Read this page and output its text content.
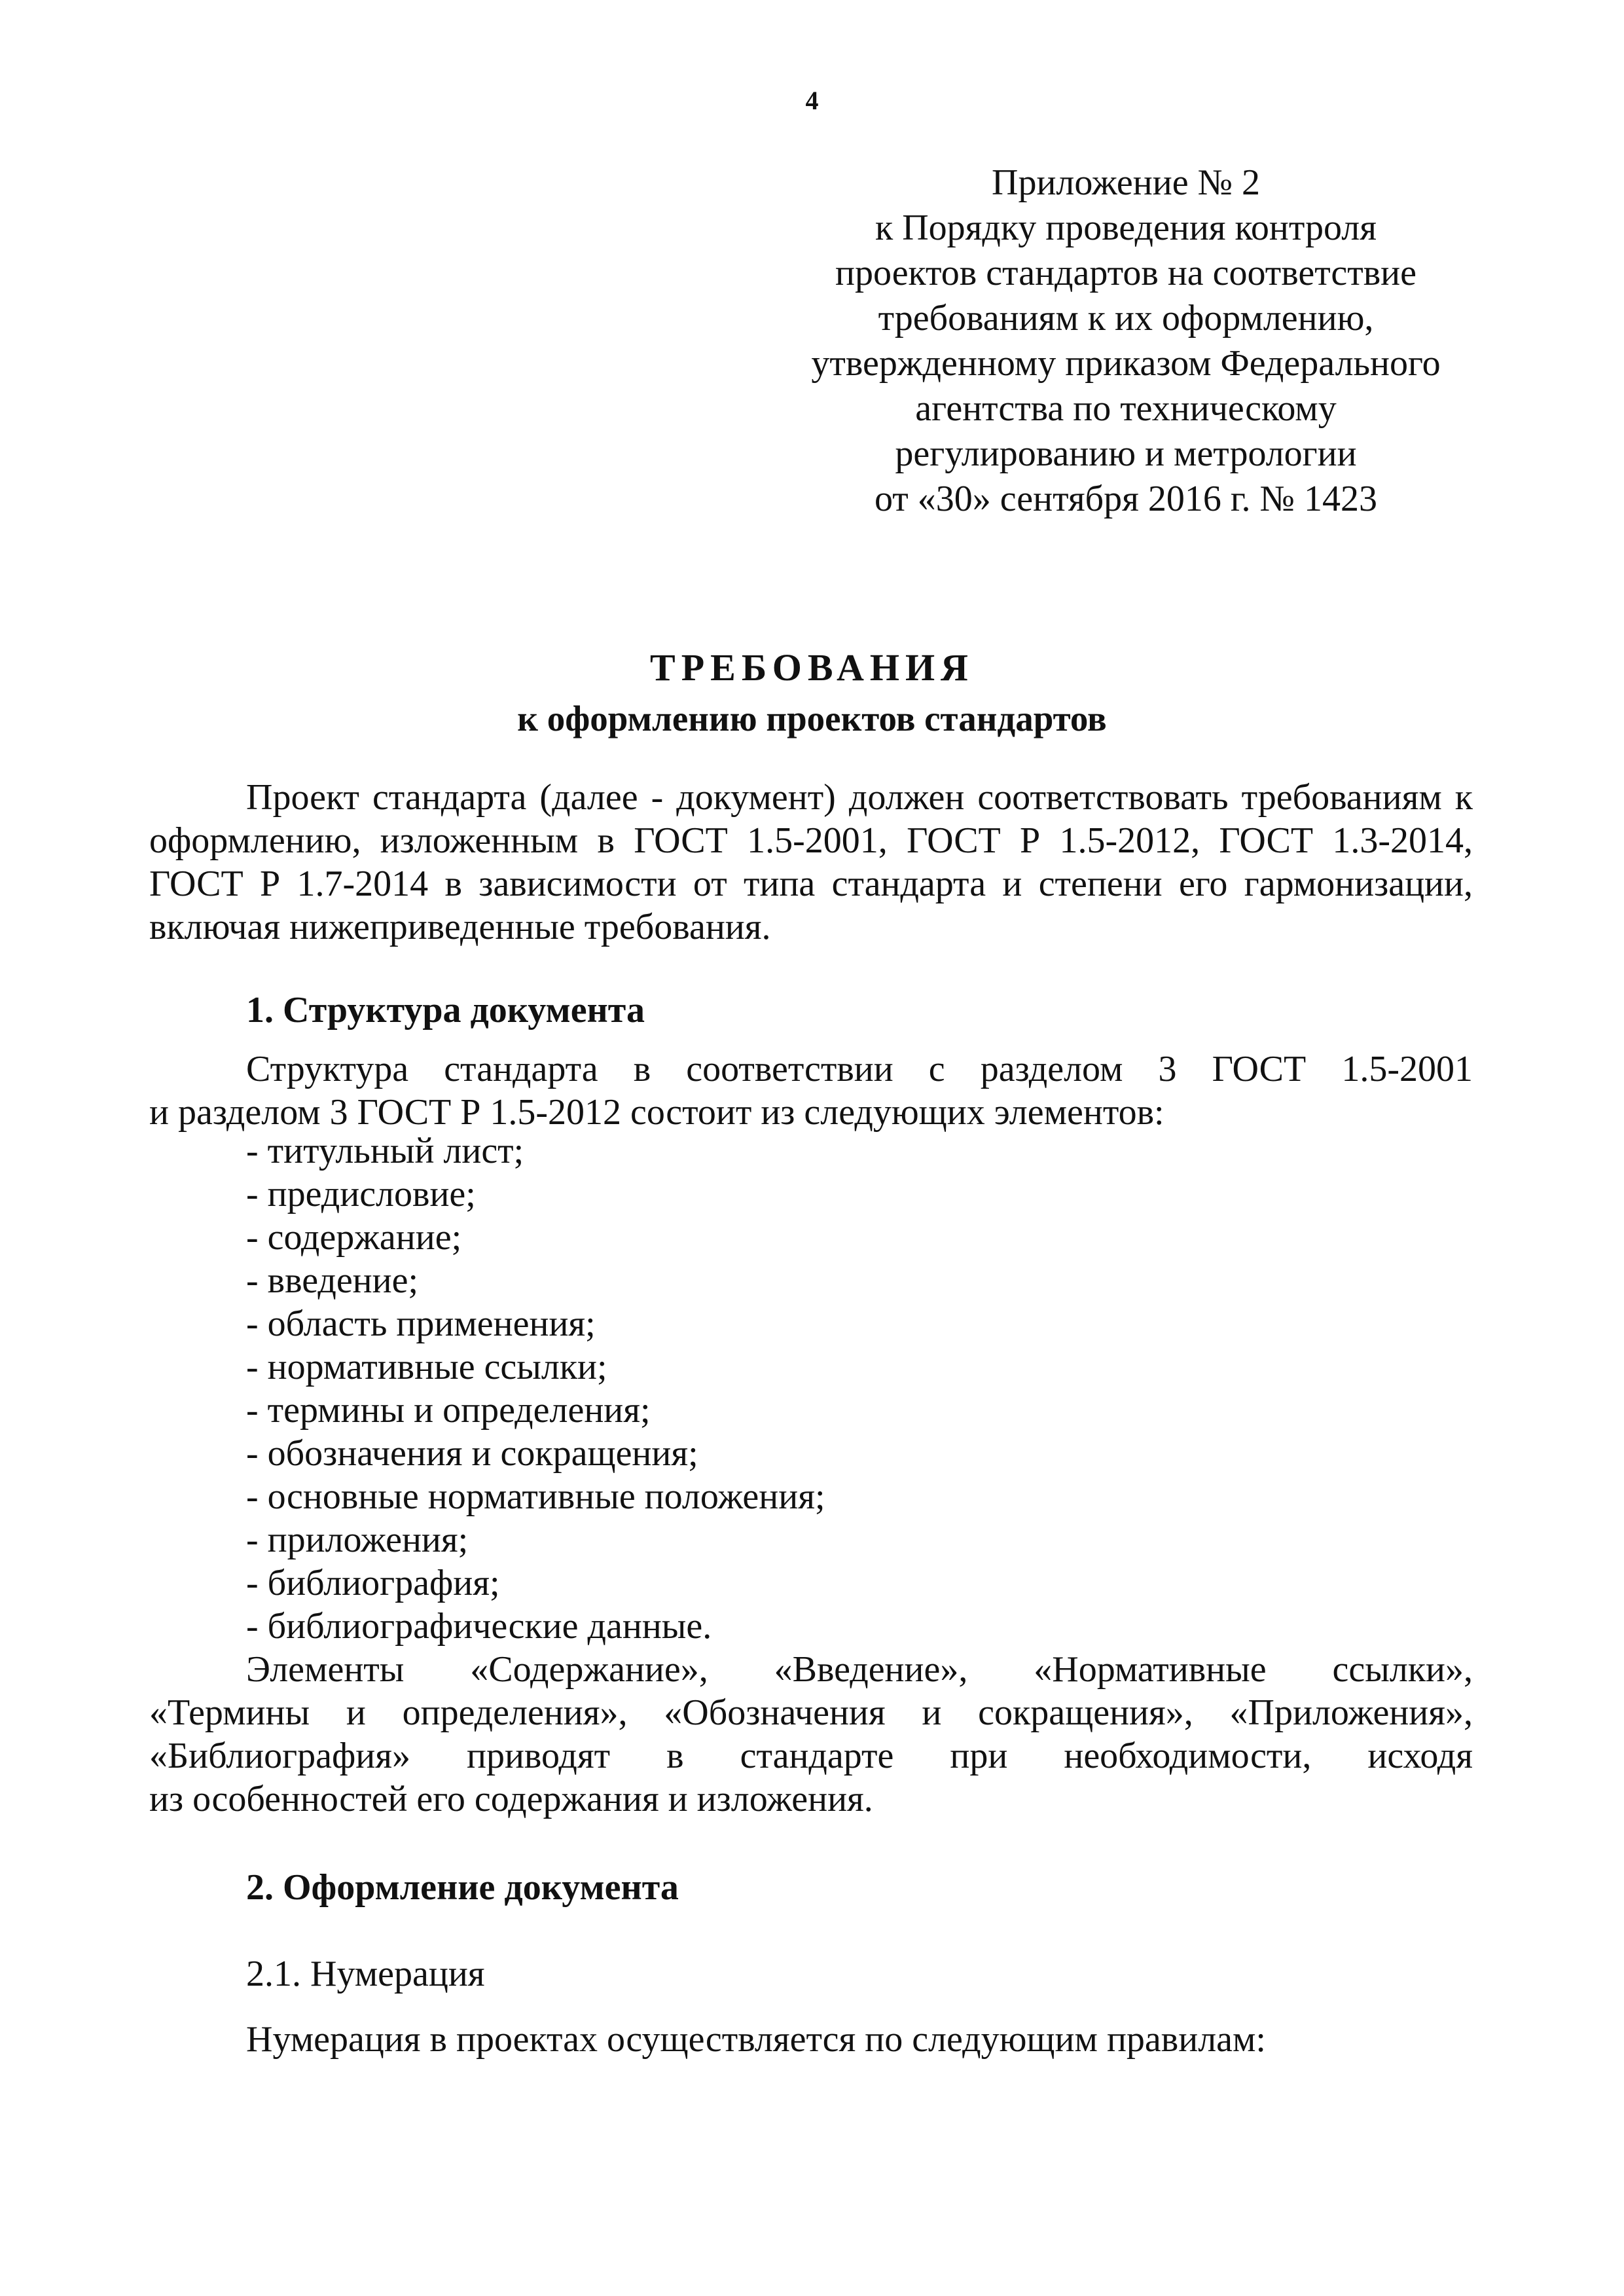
4
Приложение № 2
к Порядку проведения контроля
проектов стандартов на соответствие
требованиям к их оформлению,
утвержденному приказом Федерального
агентства по техническому
регулированию и метрологии
от «30» сентября 2016 г. № 1423
ТРЕБОВАНИЯ
к оформлению проектов стандартов
Проект стандарта (далее - документ) должен соответствовать требованиям к
оформлению, изложенным в ГОСТ 1.5-2001, ГОСТ Р 1.5-2012, ГОСТ 1.3-2014,
ГОСТ Р 1.7-2014 в зависимости от типа стандарта и степени его гармонизации,
включая нижеприведенные требования.
1. Структура документа
Структура стандарта в соответствии с разделом 3 ГОСТ 1.5-2001
и разделом 3 ГОСТ Р 1.5-2012 состоит из следующих элементов:
- титульный лист;
- предисловие;
- содержание;
- введение;
- область применения;
- нормативные ссылки;
- термины и определения;
- обозначения и сокращения;
- основные нормативные положения;
- приложения;
- библиография;
- библиографические данные.
Элементы «Содержание», «Введение», «Нормативные ссылки»,
«Термины и определения», «Обозначения и сокращения», «Приложения»,
«Библиография» приводят в стандарте при необходимости, исходя
из особенностей его содержания и изложения.
2. Оформление документа
2.1. Нумерация
Нумерация в проектах осуществляется по следующим правилам:
